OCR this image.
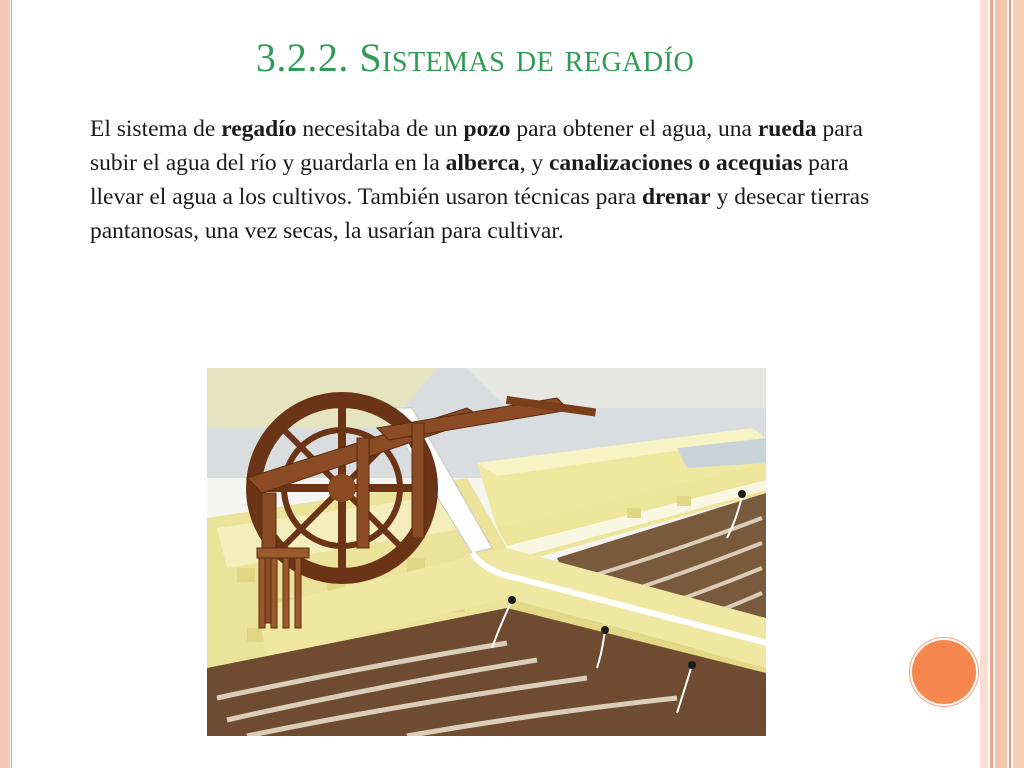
3.2.2. Sistemas de regadío
El sistema de regadío necesitaba de un pozo para obtener el agua, una rueda para subir el agua del río y guardarla en la alberca, y canalizaciones o acequias para llevar el agua a los cultivos. También usaron técnicas para drenar y desecar tierras pantanosas, una vez secas, la usarían para cultivar.
